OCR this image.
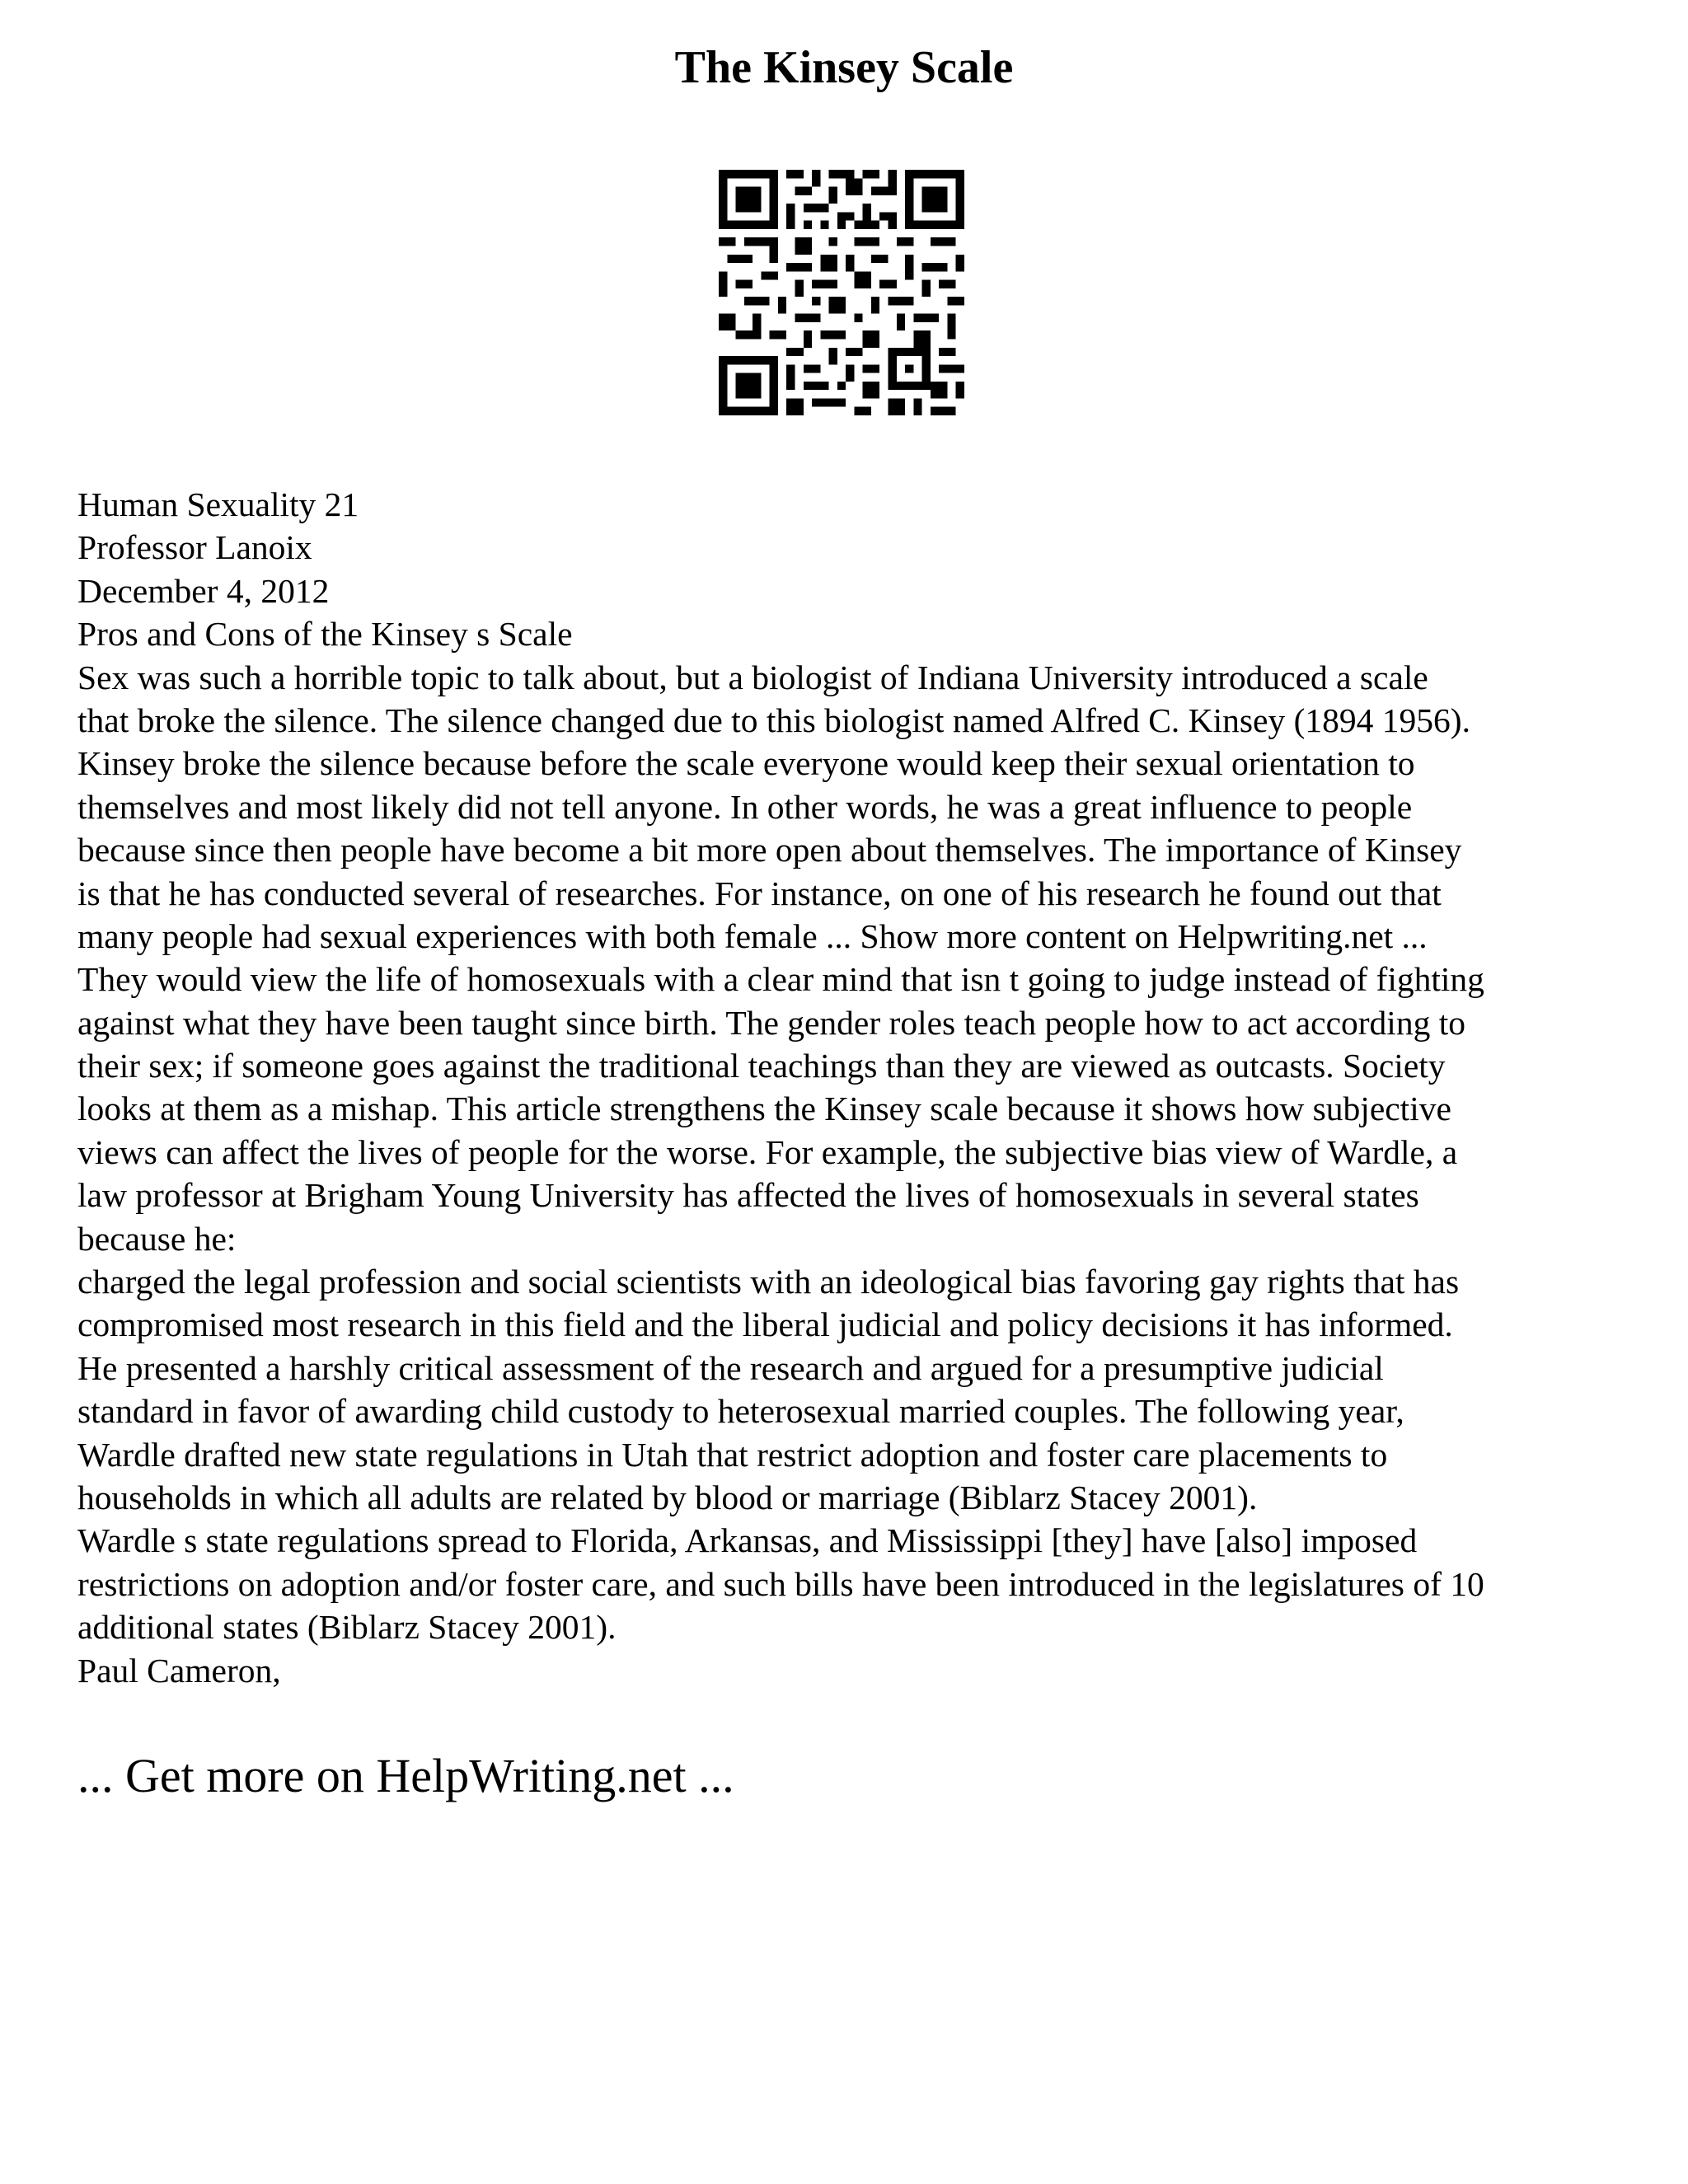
The Kinsey Scale
Human Sexuality 21
Professor Lanoix
December 4, 2012
Pros and Cons of the Kinsey s Scale
Sex was such a horrible topic to talk about, but a biologist of Indiana University introduced a scale
that broke the silence. The silence changed due to this biologist named Alfred C. Kinsey (1894 1956).
Kinsey broke the silence because before the scale everyone would keep their sexual orientation to
themselves and most likely did not tell anyone. In other words, he was a great influence to people
because since then people have become a bit more open about themselves. The importance of Kinsey
is that he has conducted several of researches. For instance, on one of his research he found out that
many people had sexual experiences with both female ... Show more content on Helpwriting.net ...
They would view the life of homosexuals with a clear mind that isn t going to judge instead of fighting
against what they have been taught since birth. The gender roles teach people how to act according to
their sex; if someone goes against the traditional teachings than they are viewed as outcasts. Society
looks at them as a mishap. This article strengthens the Kinsey scale because it shows how subjective
views can affect the lives of people for the worse. For example, the subjective bias view of Wardle, a
law professor at Brigham Young University has affected the lives of homosexuals in several states
because he:
charged the legal profession and social scientists with an ideological bias favoring gay rights that has
compromised most research in this field and the liberal judicial and policy decisions it has informed.
He presented a harshly critical assessment of the research and argued for a presumptive judicial
standard in favor of awarding child custody to heterosexual married couples. The following year,
Wardle drafted new state regulations in Utah that restrict adoption and foster care placements to
households in which all adults are related by blood or marriage (Biblarz Stacey 2001).
Wardle s state regulations spread to Florida, Arkansas, and Mississippi [they] have [also] imposed
restrictions on adoption and/or foster care, and such bills have been introduced in the legislatures of 10
additional states (Biblarz Stacey 2001).
Paul Cameron,
... Get more on HelpWriting.net ...
